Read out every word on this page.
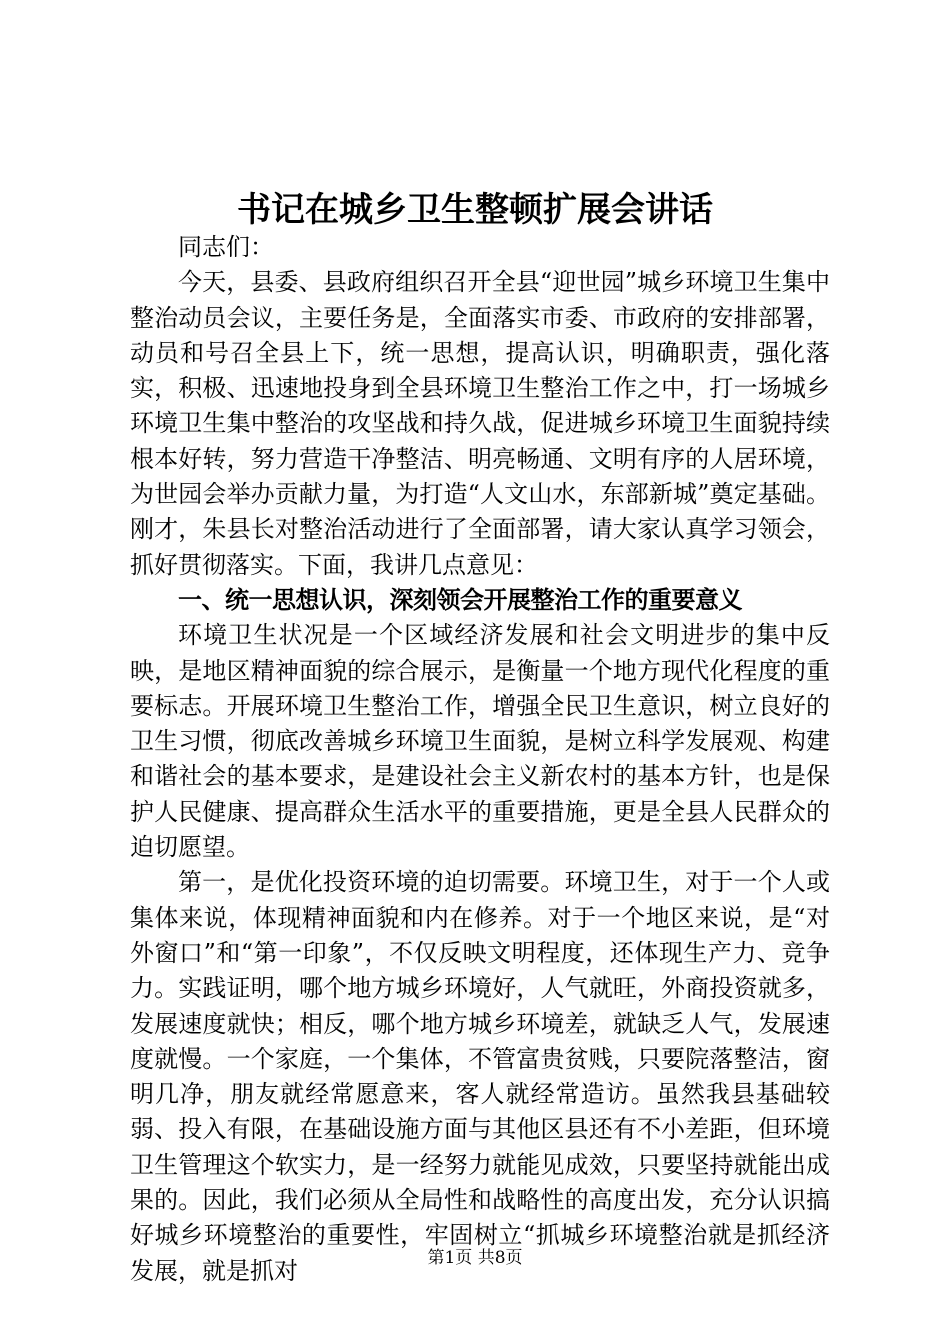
书记在城乡卫生整顿扩展会讲话

同志们：

今天，县委、县政府组织召开全县“迎世园”城乡环境卫生集中整治动员会议，主要任务是，全面落实市委、市政府的安排部署，动员和号召全县上下，统一思想，提高认识，明确职责，强化落实，积极、迅速地投身到全县环境卫生整治工作之中，打一场城乡环境卫生集中整治的攻坚战和持久战，促进城乡环境卫生面貌持续根本好转，努力营造干净整洁、明亮畅通、文明有序的人居环境，为世园会举办贡献力量，为打造“人文山水，东部新城”奠定基础。刚才，朱县长对整治活动进行了全面部署，请大家认真学习领会，抓好贯彻落实。下面，我讲几点意见：

一、统一思想认识，深刻领会开展整治工作的重要意义

环境卫生状况是一个区域经济发展和社会文明进步的集中反映，是地区精神面貌的综合展示，是衡量一个地方现代化程度的重要标志。开展环境卫生整治工作，增强全民卫生意识，树立良好的卫生习惯，彻底改善城乡环境卫生面貌，是树立科学发展观、构建和谐社会的基本要求，是建设社会主义新农村的基本方针，也是保护人民健康、提高群众生活水平的重要措施，更是全县人民群众的迫切愿望。

第一，是优化投资环境的迫切需要。环境卫生，对于一个人或集体来说，体现精神面貌和内在修养。对于一个地区来说，是“对外窗口”和“第一印象”，不仅反映文明程度，还体现生产力、竞争力。实践证明，哪个地方城乡环境好，人气就旺，外商投资就多，发展速度就快；相反，哪个地方城乡环境差，就缺乏人气，发展速度就慢。一个家庭，一个集体，不管富贵贫贱，只要院落整洁，窗明几净，朋友就经常愿意来，客人就经常造访。虽然我县基础较弱、投入有限，在基础设施方面与其他区县还有不小差距，但环境卫生管理这个软实力，是一经努力就能见成效，只要坚持就能出成果的。因此，我们必须从全局性和战略性的高度出发，充分认识搞好城乡环境整治的重要性，牢固树立“抓城乡环境整治就是抓经济发展，就是抓对	第1页 共8页
